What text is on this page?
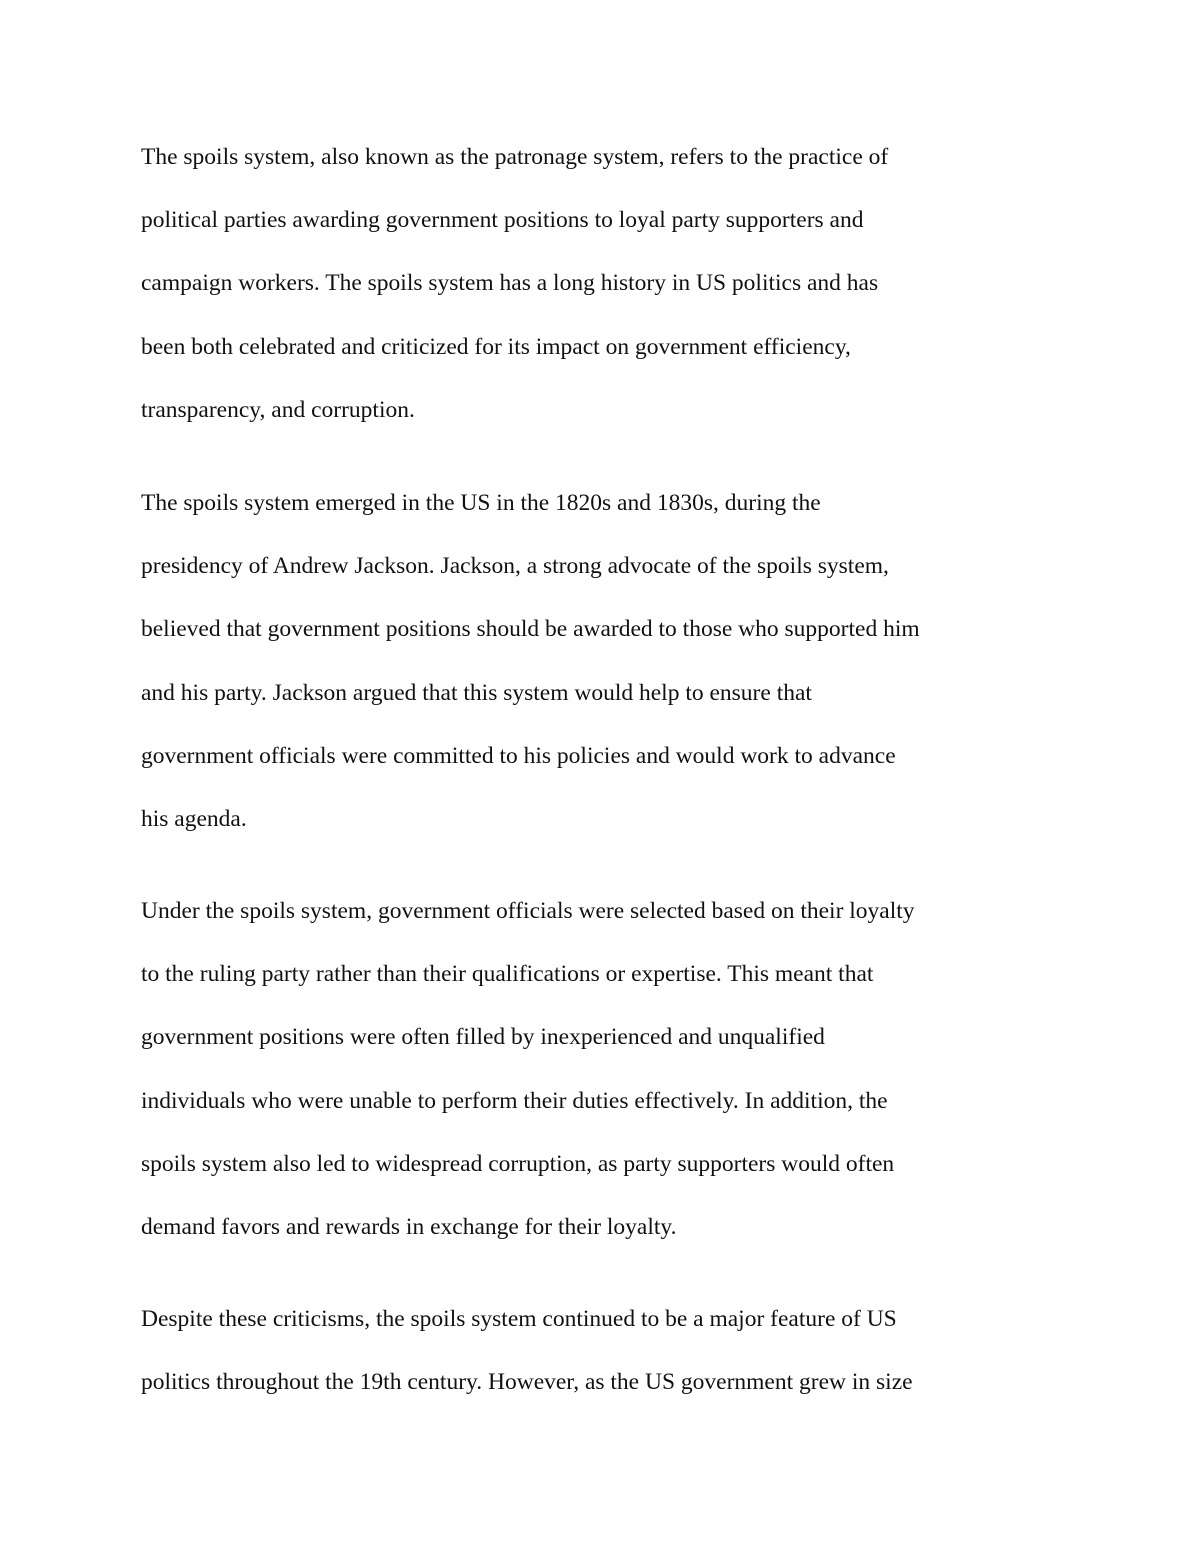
The spoils system, also known as the patronage system, refers to the practice of
political parties awarding government positions to loyal party supporters and
campaign workers. The spoils system has a long history in US politics and has
been both celebrated and criticized for its impact on government efficiency,
transparency, and corruption.
The spoils system emerged in the US in the 1820s and 1830s, during the
presidency of Andrew Jackson. Jackson, a strong advocate of the spoils system,
believed that government positions should be awarded to those who supported him
and his party. Jackson argued that this system would help to ensure that
government officials were committed to his policies and would work to advance
his agenda.
Under the spoils system, government officials were selected based on their loyalty
to the ruling party rather than their qualifications or expertise. This meant that
government positions were often filled by inexperienced and unqualified
individuals who were unable to perform their duties effectively. In addition, the
spoils system also led to widespread corruption, as party supporters would often
demand favors and rewards in exchange for their loyalty.
Despite these criticisms, the spoils system continued to be a major feature of US
politics throughout the 19th century. However, as the US government grew in size
